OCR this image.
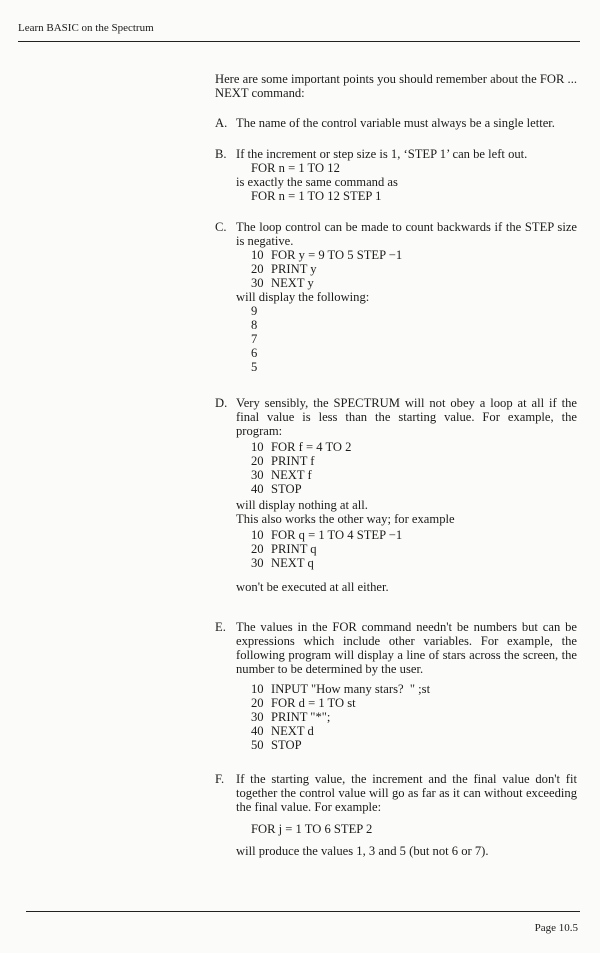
Learn BASIC on the Spectrum

Here are some important points you should remember about the FOR ... NEXT command:

A. The name of the control variable must always be a single letter.

B. If the increment or step size is 1, ‘STEP 1’ can be left out.

FOR n = 1 TO 12

is exactly the same command as

FOR n = 1 TO 12 STEP 1
C. The loop control can be made to count backwards if the STEP size is negative.

10 FOR y = 9 TO 5 STEP −1
20 PRINT y
30 NEXT y

will display the following:

9
8
7
6
5
D. Very sensibly, the SPECTRUM will not obey a loop at all if the final value is less than the starting value. For example, the program:

10 FOR f = 4 TO 2
20 PRINT f
30 NEXT f
40 STOP

will display nothing at all.

This also works the other way; for example

10 FOR q = 1 TO 4 STEP −1
20 PRINT q
30 NEXT q

won't be executed at all either.

E. The values in the FOR command needn't be numbers but can be expressions which include other variables. For example, the following program will display a line of stars across the screen, the number to be determined by the user.

10 INPUT "How many stars?  " ;st
20 FOR d = 1 TO st
30 PRINT "*";
40 NEXT d
50 STOP
F. If the starting value, the increment and the final value don't fit together the control value will go as far as it can without exceeding the final value. For example:

FOR j = 1 TO 6 STEP 2

will produce the values 1, 3 and 5 (but not 6 or 7).

Page 10.5
